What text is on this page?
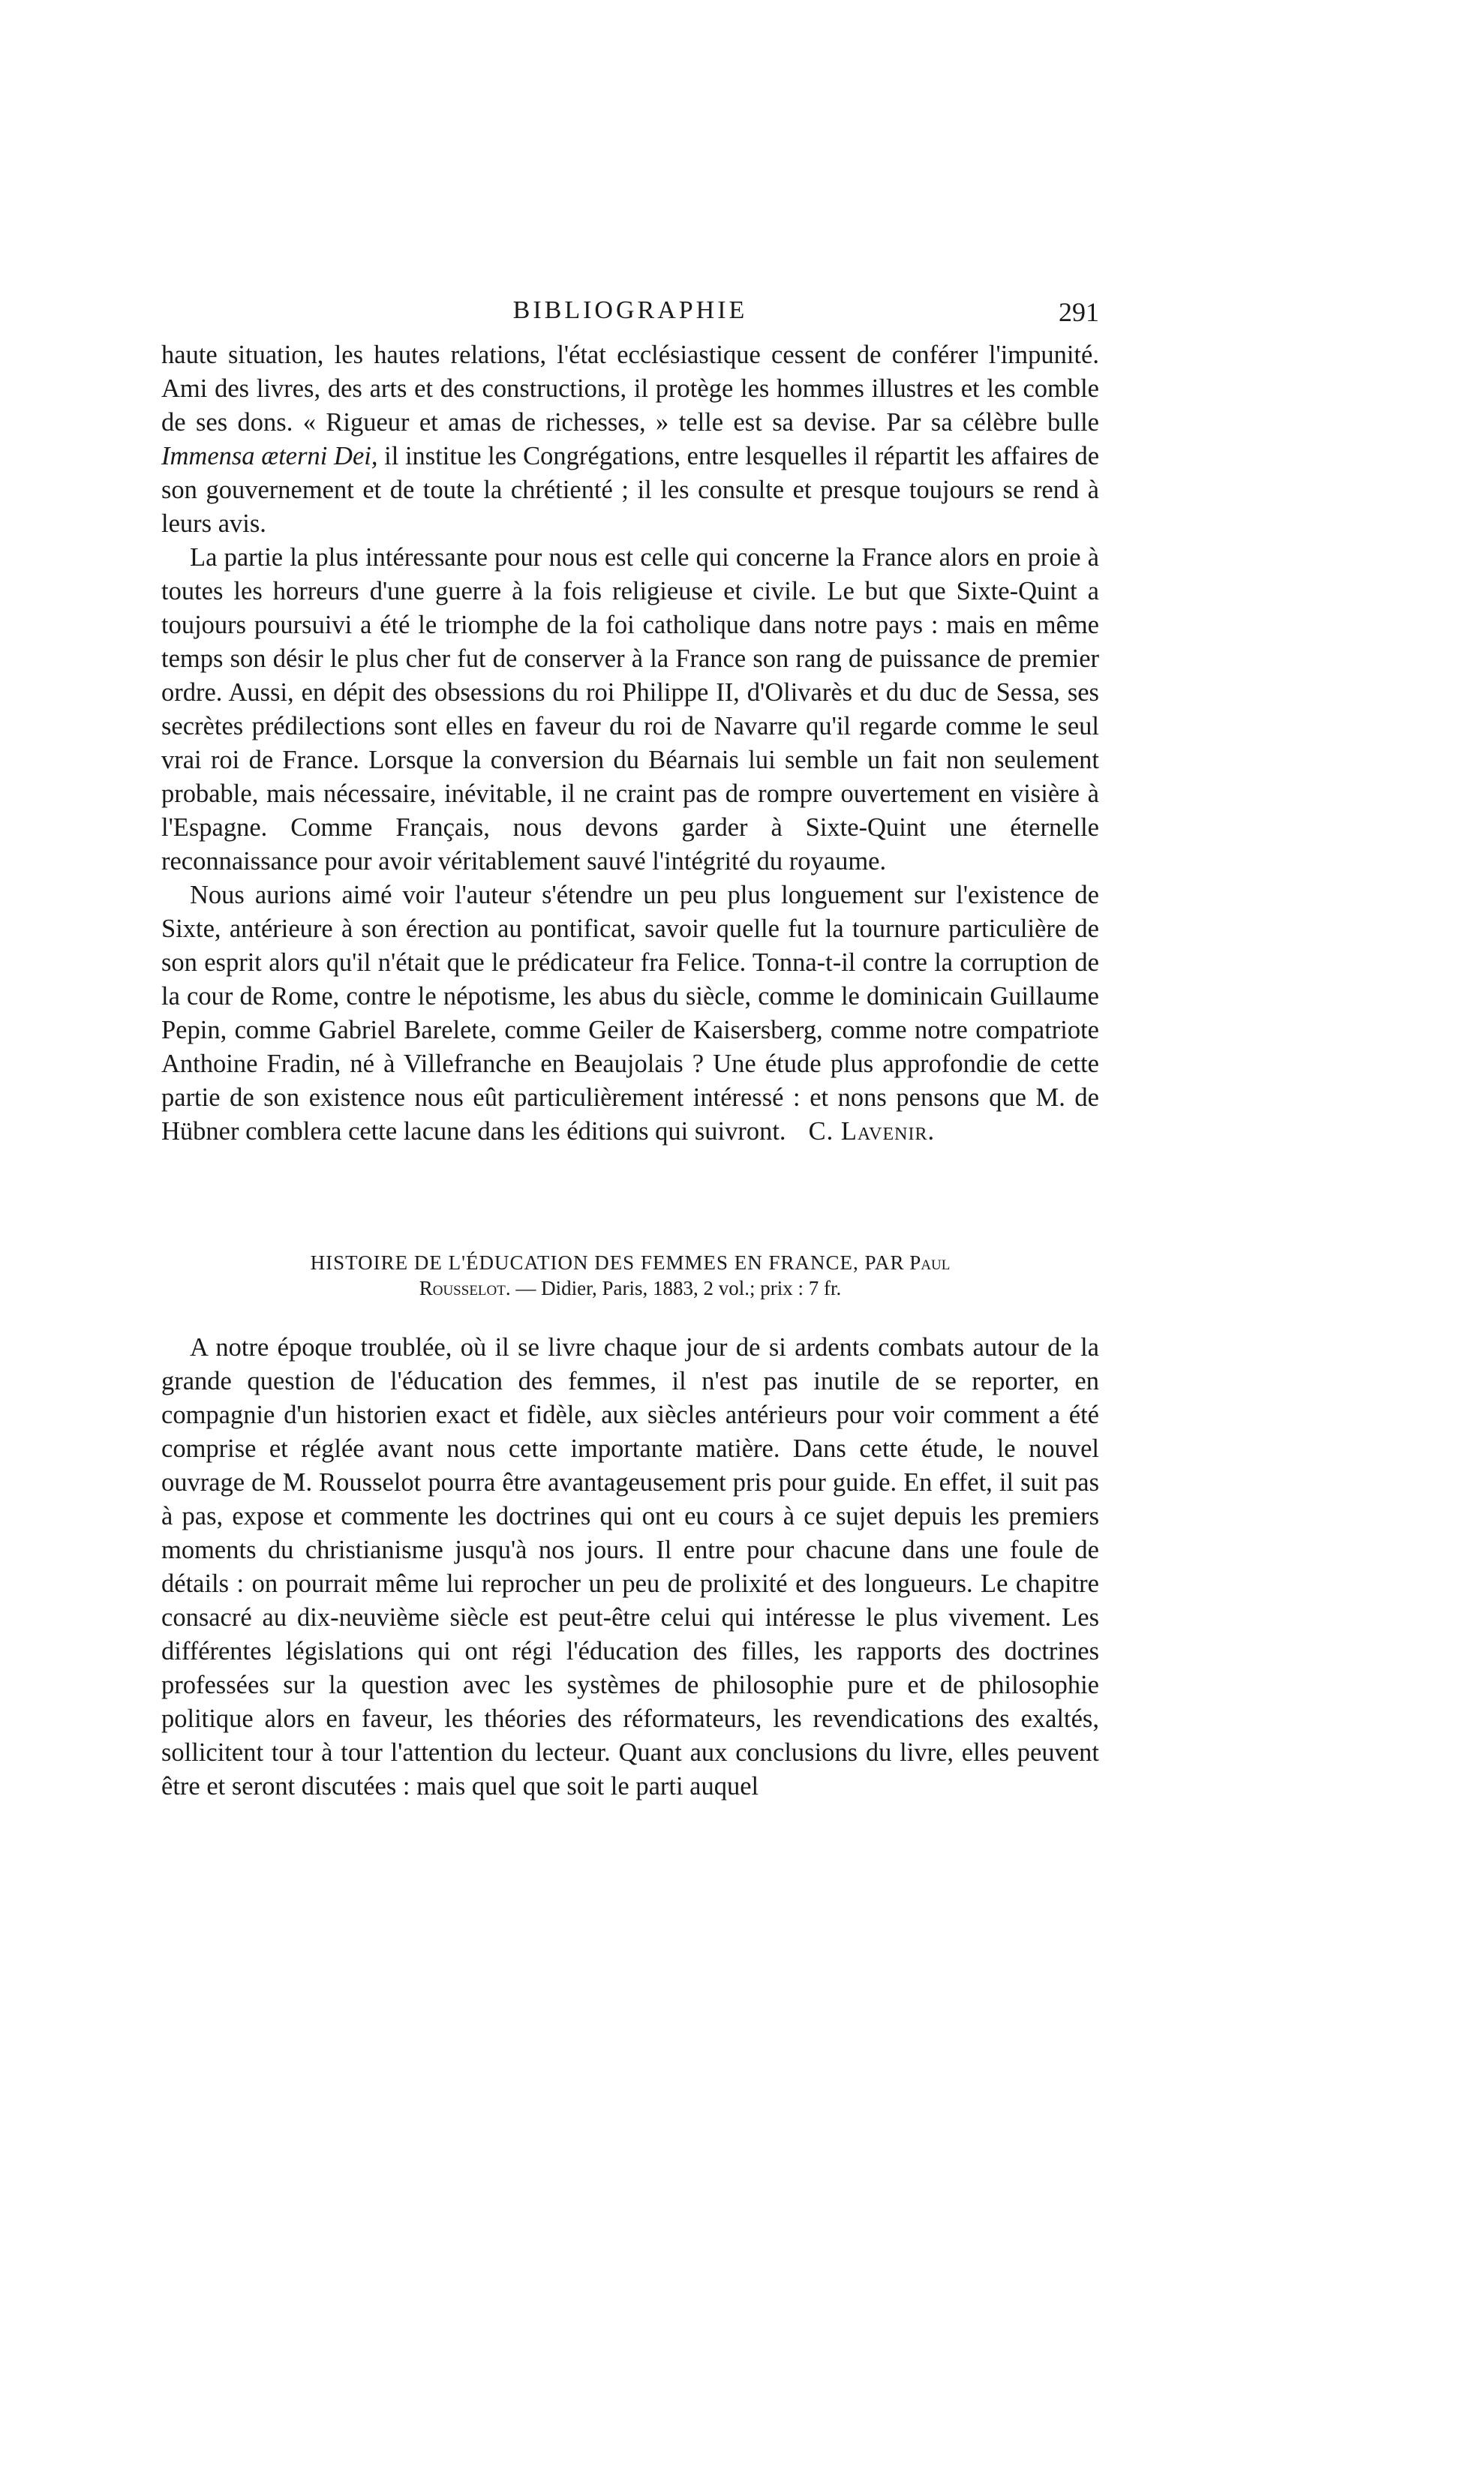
BIBLIOGRAPHIE	291

haute situation, les hautes relations, l'état ecclésiastique cessent de conférer l'impunité. Ami des livres, des arts et des constructions, il protège les hommes illustres et les comble de ses dons. « Rigueur et amas de richesses, » telle est sa devise. Par sa célèbre bulle Immensa æterni Dei, il institue les Congrégations, entre lesquelles il répartit les affaires de son gouvernement et de toute la chrétienté ; il les consulte et presque toujours se rend à leurs avis.

La partie la plus intéressante pour nous est celle qui concerne la France alors en proie à toutes les horreurs d'une guerre à la fois religieuse et civile. Le but que Sixte-Quint a toujours poursuivi a été le triomphe de la foi catholique dans notre pays : mais en même temps son désir le plus cher fut de conserver à la France son rang de puissance de premier ordre. Aussi, en dépit des obsessions du roi Philippe II, d'Olivarès et du duc de Sessa, ses secrètes prédilections sont elles en faveur du roi de Navarre qu'il regarde comme le seul vrai roi de France. Lorsque la conversion du Béarnais lui semble un fait non seulement probable, mais nécessaire, inévitable, il ne craint pas de rompre ouvertement en visière à l'Espagne. Comme Français, nous devons garder à Sixte-Quint une éternelle reconnaissance pour avoir véritablement sauvé l'intégrité du royaume.

Nous aurions aimé voir l'auteur s'étendre un peu plus longuement sur l'existence de Sixte, antérieure à son érection au pontificat, savoir quelle fut la tournure particulière de son esprit alors qu'il n'était que le prédicateur fra Felice. Tonna-t-il contre la corruption de la cour de Rome, contre le népotisme, les abus du siècle, comme le dominicain Guillaume Pepin, comme Gabriel Barelete, comme Geiler de Kaisersberg, comme notre compatriote Anthoine Fradin, né à Villefranche en Beaujolais ? Une étude plus approfondie de cette partie de son existence nous eût particulièrement intéressé : et nons pensons que M. de Hübner comblera cette lacune dans les éditions qui suivront. C. Lavenir.

HISTOIRE DE L'ÉDUCATION DES FEMMES EN FRANCE, PAR Paul
Rousselot. — Didier, Paris, 1883, 2 vol.; prix : 7 fr.

A notre époque troublée, où il se livre chaque jour de si ardents combats autour de la grande question de l'éducation des femmes, il n'est pas inutile de se reporter, en compagnie d'un historien exact et fidèle, aux siècles antérieurs pour voir comment a été comprise et réglée avant nous cette importante matière. Dans cette étude, le nouvel ouvrage de M. Rousselot pourra être avantageusement pris pour guide. En effet, il suit pas à pas, expose et commente les doctrines qui ont eu cours à ce sujet depuis les premiers moments du christianisme jusqu'à nos jours. Il entre pour chacune dans une foule de détails : on pourrait même lui reprocher un peu de prolixité et des longueurs. Le chapitre consacré au dix-neuvième siècle est peut-être celui qui intéresse le plus vivement. Les différentes législations qui ont régi l'éducation des filles, les rapports des doctrines professées sur la question avec les systèmes de philosophie pure et de philosophie politique alors en faveur, les théories des réformateurs, les revendications des exaltés, sollicitent tour à tour l'attention du lecteur. Quant aux conclusions du livre, elles peuvent être et seront discutées : mais quel que soit le parti auquel
